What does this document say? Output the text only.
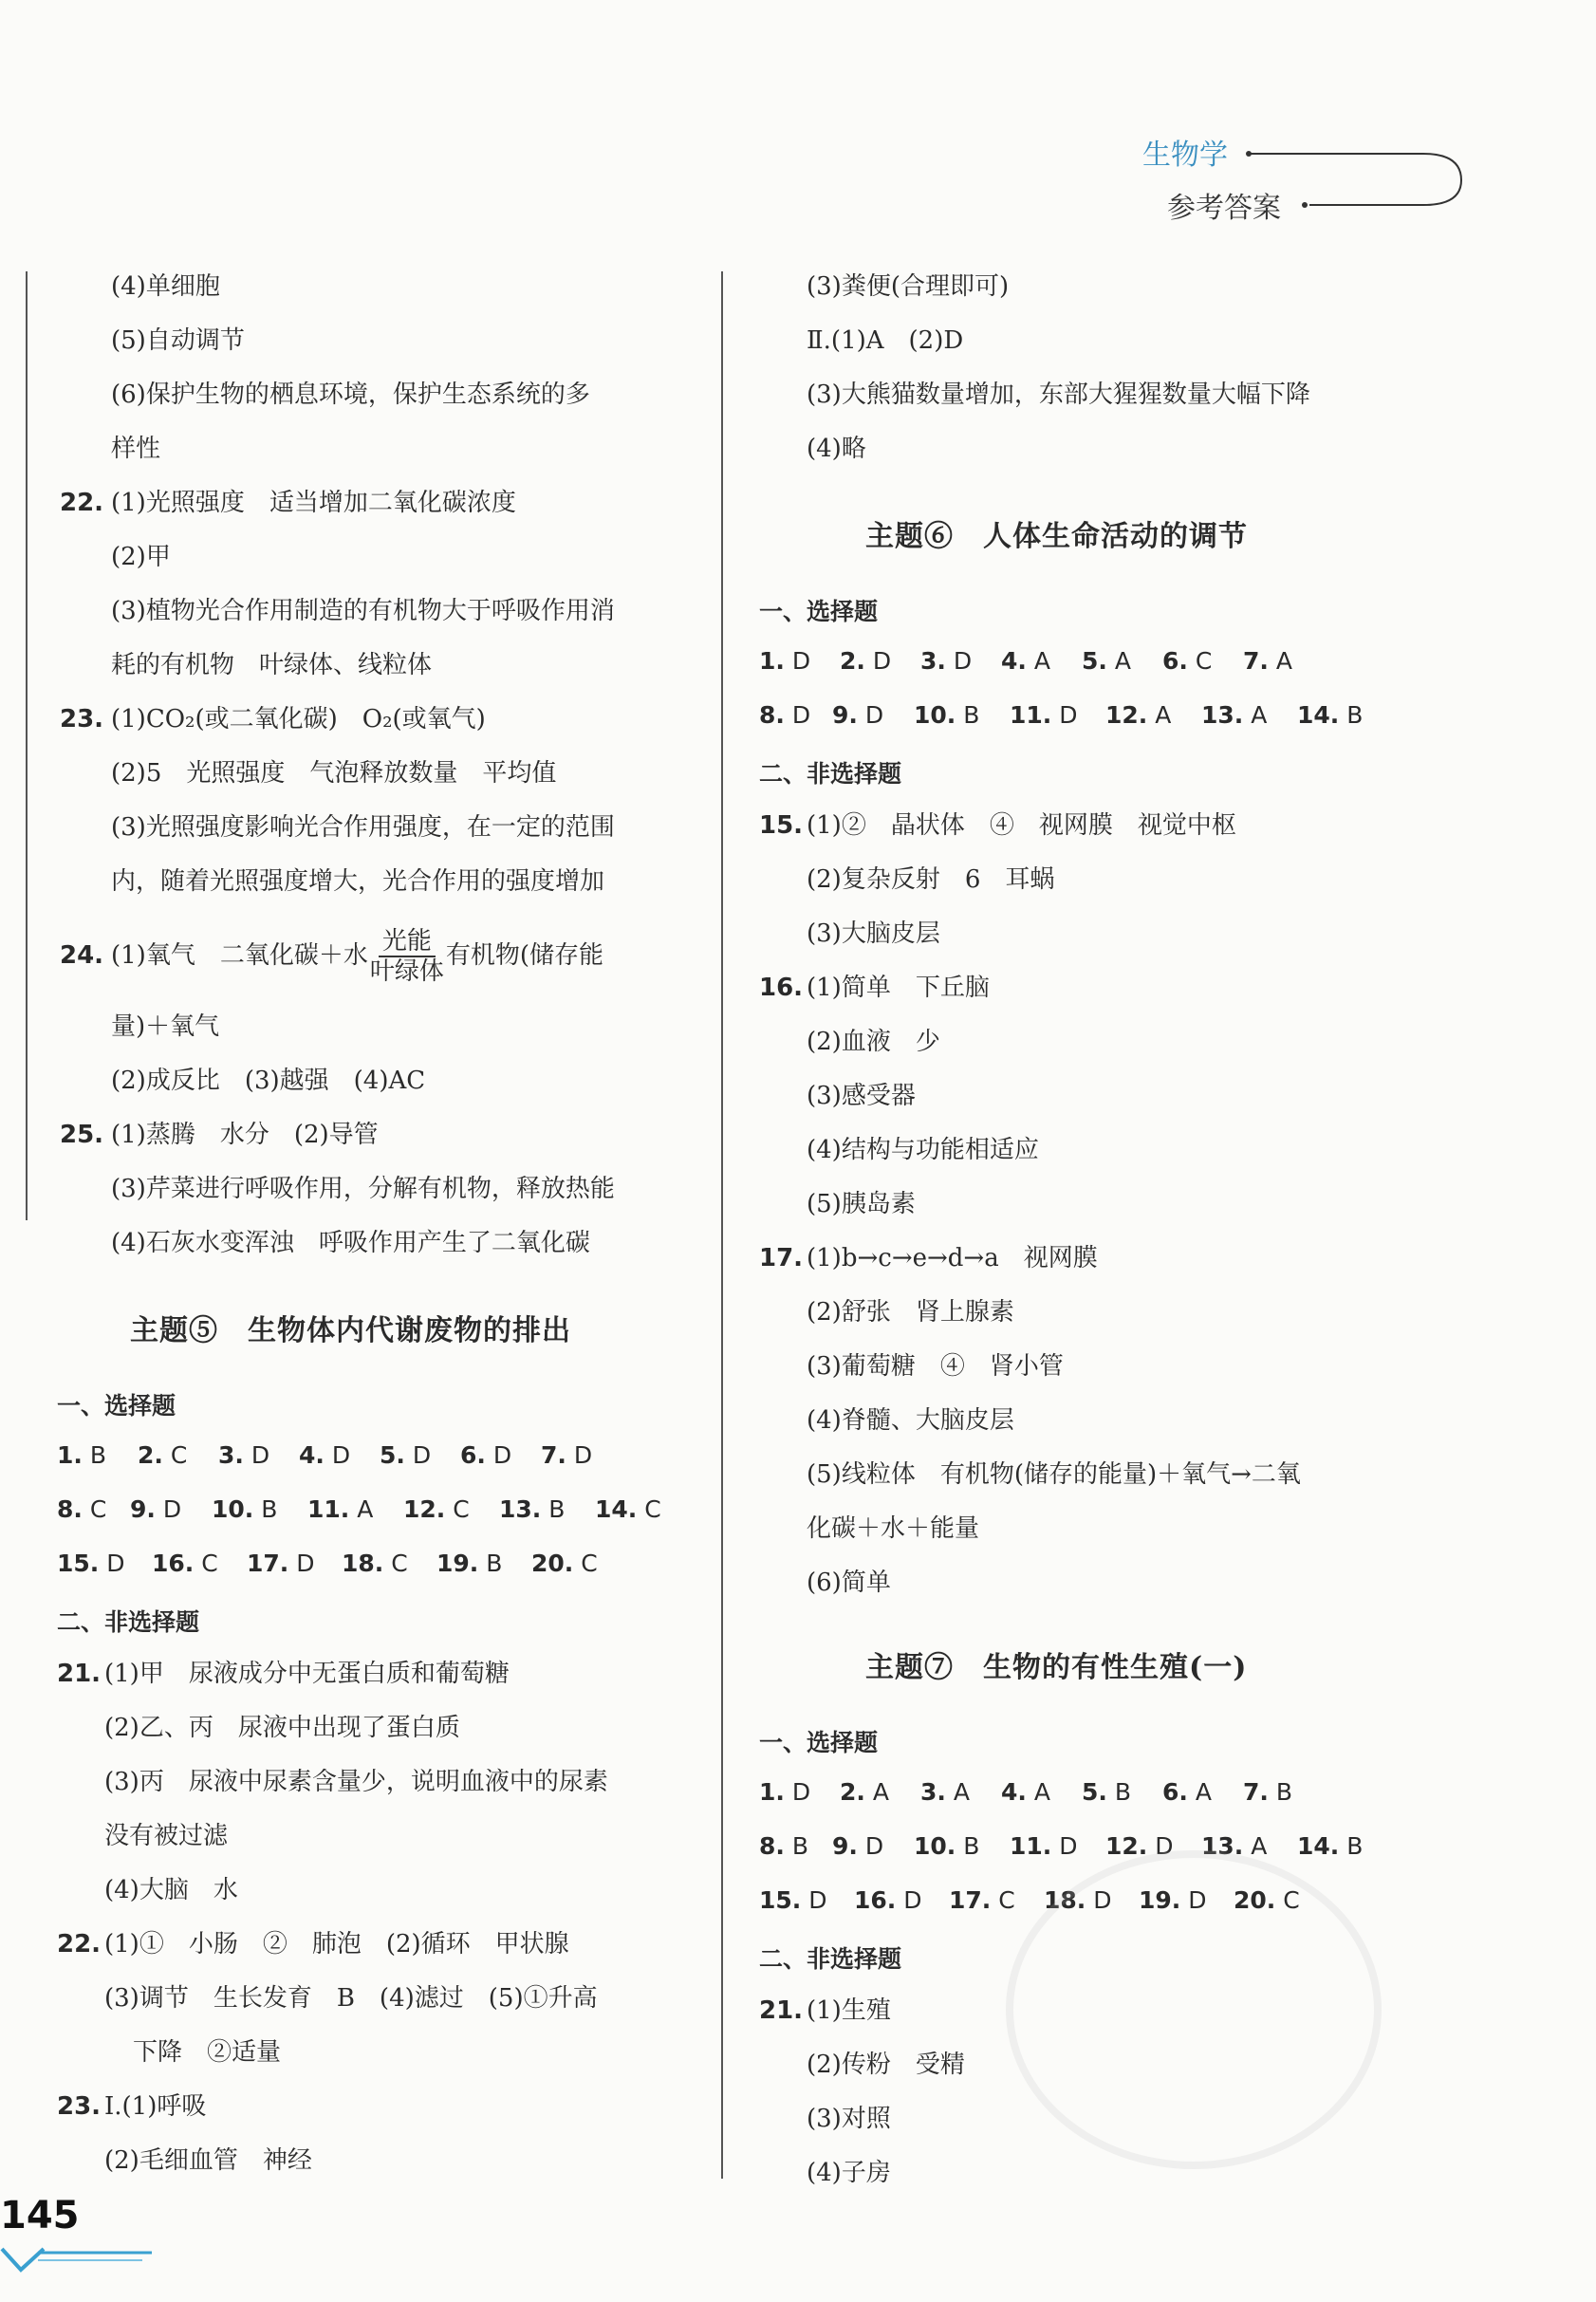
生物学
参考答案
(4)单细胞
(5)自动调节
(6)保护生物的栖息环境，保护生态系统的多
样性
22. (1)光照强度　适当增加二氧化碳浓度
(2)甲
(3)植物光合作用制造的有机物大于呼吸作用消
耗的有机物　叶绿体、线粒体
23. (1)CO₂(或二氧化碳)　O₂(或氧气)
(2)5　光照强度　气泡释放数量　平均值
(3)光照强度影响光合作用强度，在一定的范围
内，随着光照强度增大，光合作用的强度增加
24. (1)氧气　二氧化碳＋水 $\frac{\text{光能}}{\text{叶绿体}}$ 有机物(储存能
量)＋氧气
(2)成反比　(3)越强　(4)AC
25. (1)蒸腾　水分　(2)导管
(3)芹菜进行呼吸作用，分解有机物，释放热能
(4)石灰水变浑浊　呼吸作用产生了二氧化碳
主题⑤　生物体内代谢废物的排出
一、选择题
1. B 2. C 3. D 4. D 5. D 6. D 7. D
8. C 9. D 10. B 11. A 12. C 13. B 14. C
15. D 16. C 17. D 18. C 19. B 20. C
二、非选择题
21. (1)甲　尿液成分中无蛋白质和葡萄糖
(2)乙、丙　尿液中出现了蛋白质
(3)丙　尿液中尿素含量少，说明血液中的尿素
没有被过滤
(4)大脑　水
22. (1)①　小肠　②　肺泡　(2)循环　甲状腺
(3)调节　生长发育　B　(4)滤过　(5)①升高
下降　②适量
23. Ⅰ.(1)呼吸
(2)毛细血管　神经
(3)粪便(合理即可)
Ⅱ.(1)A　(2)D
(3)大熊猫数量增加，东部大猩猩数量大幅下降
(4)略
主题⑥　人体生命活动的调节
一、选择题
1. D 2. D 3. D 4. A 5. A 6. C 7. A
8. D 9. D 10. B 11. D 12. A 13. A 14. B
二、非选择题
15. (1)②　晶状体　④　视网膜　视觉中枢
(2)复杂反射　6　耳蜗
(3)大脑皮层
16. (1)简单　下丘脑
(2)血液　少
(3)感受器
(4)结构与功能相适应
(5)胰岛素
17. (1)b→c→e→d→a　视网膜
(2)舒张　肾上腺素
(3)葡萄糖　④　肾小管
(4)脊髓、大脑皮层
(5)线粒体　有机物(储存的能量)＋氧气→二氧
化碳＋水＋能量
(6)简单
主题⑦　生物的有性生殖(一)
一、选择题
1. D 2. A 3. A 4. A 5. B 6. A 7. B
8. B 9. D 10. B 11. D 12. D 13. A 14. B
15. D 16. D 17. C 18. D 19. D 20. C
二、非选择题
21. (1)生殖
(2)传粉　受精
(3)对照
(4)子房
145
